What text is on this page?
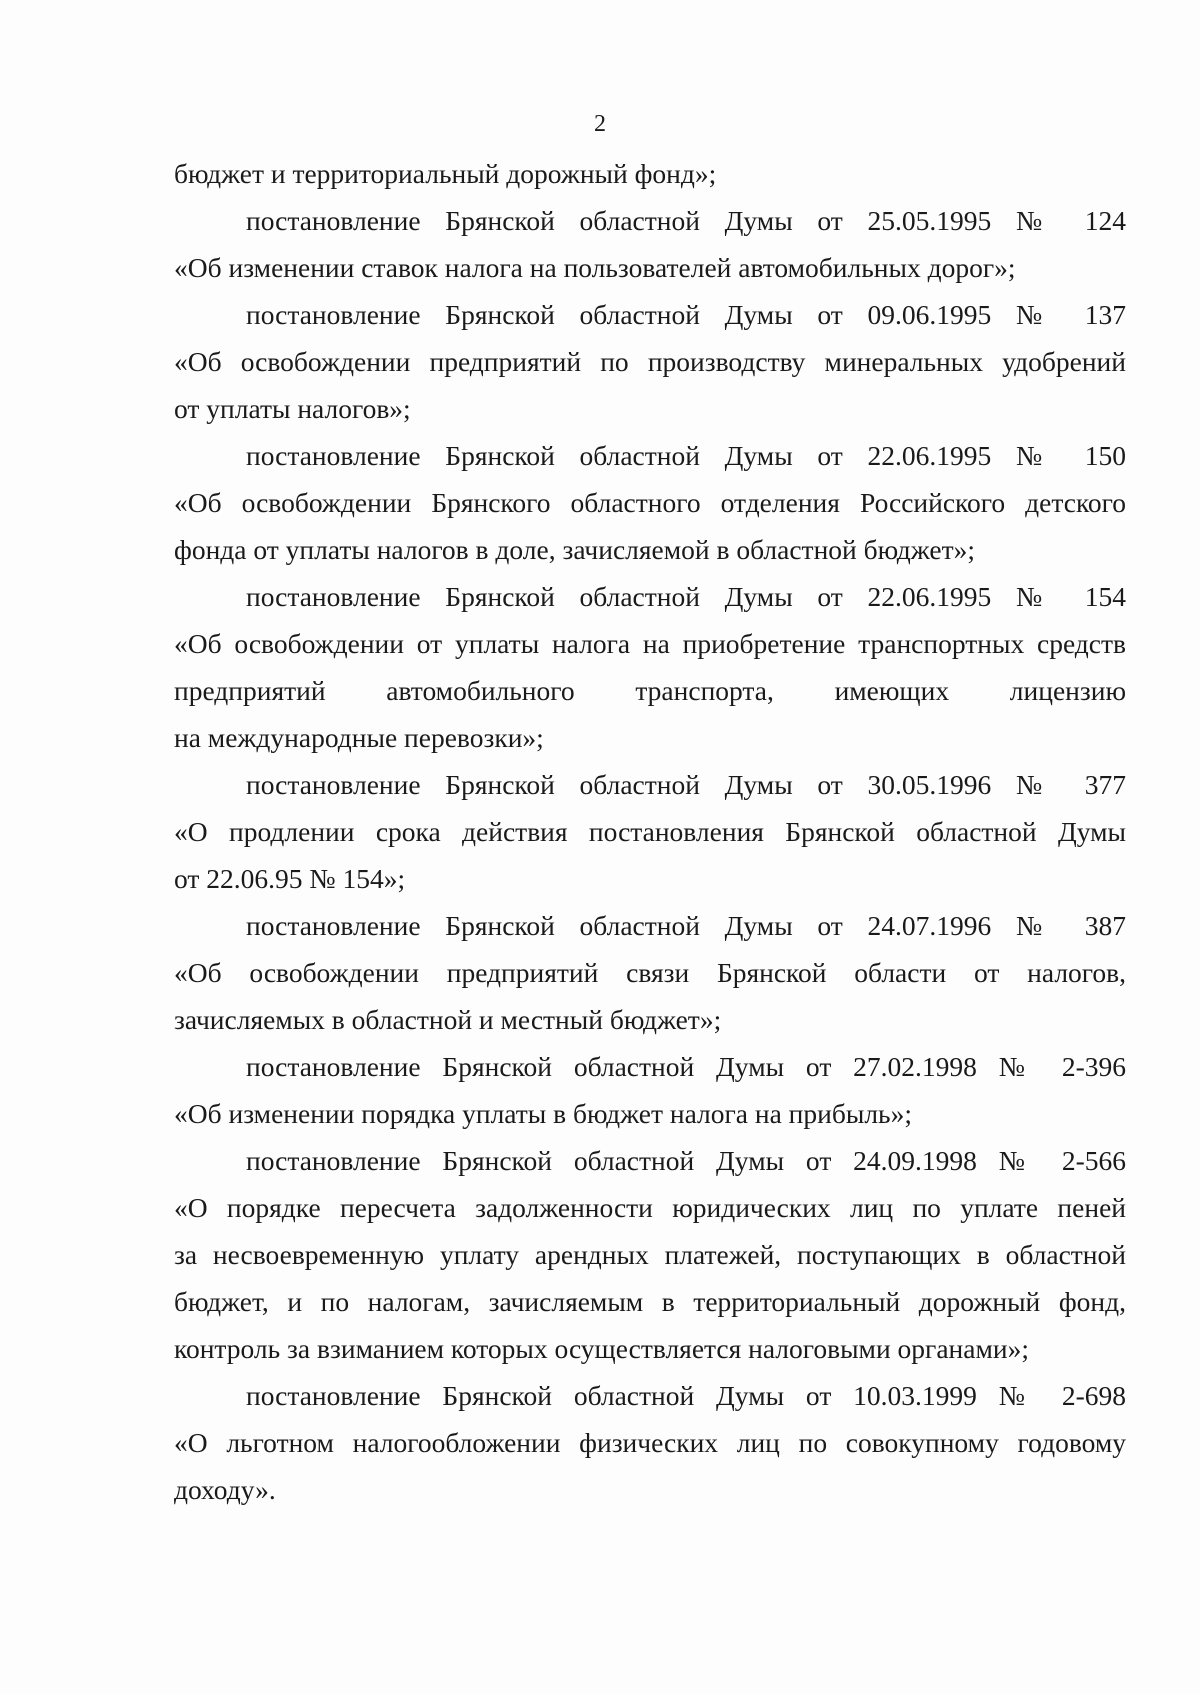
2
бюджет и территориальный дорожный фонд»;
постановление Брянской областной Думы от 25.05.1995 № 124
«Об изменении ставок налога на пользователей автомобильных дорог»;
постановление Брянской областной Думы от 09.06.1995 № 137
«Об освобождении предприятий по производству минеральных удобрений
от уплаты налогов»;
постановление Брянской областной Думы от 22.06.1995 № 150
«Об освобождении Брянского областного отделения Российского детского
фонда от уплаты налогов в доле, зачисляемой в областной бюджет»;
постановление Брянской областной Думы от 22.06.1995 № 154
«Об освобождении от уплаты налога на приобретение транспортных средств
предприятий автомобильного транспорта, имеющих лицензию
на международные перевозки»;
постановление Брянской областной Думы от 30.05.1996 № 377
«О продлении срока действия постановления Брянской областной Думы
от 22.06.95 № 154»;
постановление Брянской областной Думы от 24.07.1996 № 387
«Об освобождении предприятий связи Брянской области от налогов,
зачисляемых в областной и местный бюджет»;
постановление Брянской областной Думы от 27.02.1998 № 2-396
«Об изменении порядка уплаты в бюджет налога на прибыль»;
постановление Брянской областной Думы от 24.09.1998 № 2-566
«О порядке пересчета задолженности юридических лиц по уплате пеней
за несвоевременную уплату арендных платежей, поступающих в областной
бюджет, и по налогам, зачисляемым в территориальный дорожный фонд,
контроль за взиманием которых осуществляется налоговыми органами»;
постановление Брянской областной Думы от 10.03.1999 № 2-698
«О льготном налогообложении физических лиц по совокупному годовому
доходу».
